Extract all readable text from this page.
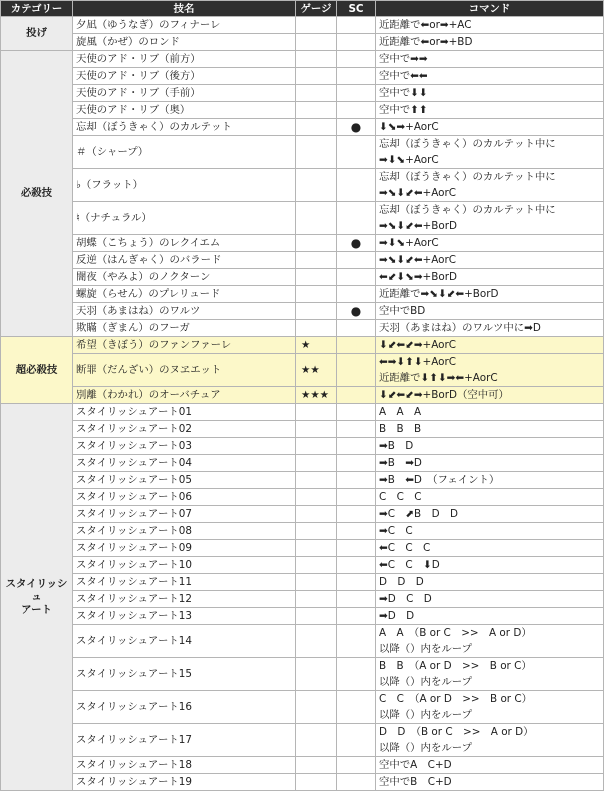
カテゴリー	技名	ゲージ	SC	コマンド

投げ	夕凪（ゆうなぎ）のフィナーレ			近距離で⬅or➡+AC

	旋風（かぜ）のロンド			近距離で⬅or➡+BD

必殺技	天使のアド・リブ（前方）			空中で➡➡

	天使のアド・リブ（後方）			空中で⬅⬅

	天使のアド・リブ（手前）			空中で⬇⬇

	天使のアド・リブ（奥）			空中で⬆⬆

	忘却（ぼうきゃく）のカルテット		●	⬇⬊➡+AorC

	＃（シャープ）			忘却（ぼうきゃく）のカルテット中に
➡⬇⬊+AorC

	♭（フラット）			忘却（ぼうきゃく）のカルテット中に
➡⬊⬇⬋⬅+AorC

	♮（ナチュラル）			忘却（ぼうきゃく）のカルテット中に
➡⬊⬇⬋⬅+BorD

	胡蝶（こちょう）のレクイエム		●	➡⬇⬊+AorC

	反逆（はんぎゃく）のバラード			➡⬊⬇⬋⬅+AorC

	闇夜（やみよ）のノクターン			⬅⬋⬇⬊➡+BorD

	螺旋（らせん）のプレリュード			近距離で➡⬊⬇⬋⬅+BorD

	天羽（あまはね）のワルツ		●	空中でBD

	欺瞞（ぎまん）のフーガ			天羽（あまはね）のワルツ中に➡D

超必殺技	希望（きぼう）のファンファーレ	★		⬇⬋⬅⬋➡+AorC

	断罪（だんざい）のヌヱエット	★★		⬅➡⬇⬆⬇+AorC
近距離で⬇⬆⬇➡⬅+AorC

	別離（わかれ）のオーバチュア	★★★		⬇⬋⬅⬋➡+BorD（空中可）

スタイリッシュ
アート	スタイリッシュアート01			A　A　A

	スタイリッシュアート02			B　B　B

	スタイリッシュアート03			➡B　D

	スタイリッシュアート04			➡B　➡D

	スタイリッシュアート05			➡B　⬅D　（フェイント）

	スタイリッシュアート06			C　C　C

	スタイリッシュアート07			➡C　⬈B　D　D

	スタイリッシュアート08			➡C　C

	スタイリッシュアート09			⬅C　C　C

	スタイリッシュアート10			⬅C　C　⬇D

	スタイリッシュアート11			D　D　D

	スタイリッシュアート12			➡D　C　D

	スタイリッシュアート13			➡D　D

	スタイリッシュアート14			A　A　（B or C　>>　A or D）
以降（）内をループ

	スタイリッシュアート15			B　B　（A or D　>>　B or C）
以降（）内をループ

	スタイリッシュアート16			C　C　（A or D　>>　B or C）
以降（）内をループ

	スタイリッシュアート17			D　D　（B or C　>>　A or D）
以降（）内をループ

	スタイリッシュアート18			空中でA　C+D

	スタイリッシュアート19			空中でB　C+D
